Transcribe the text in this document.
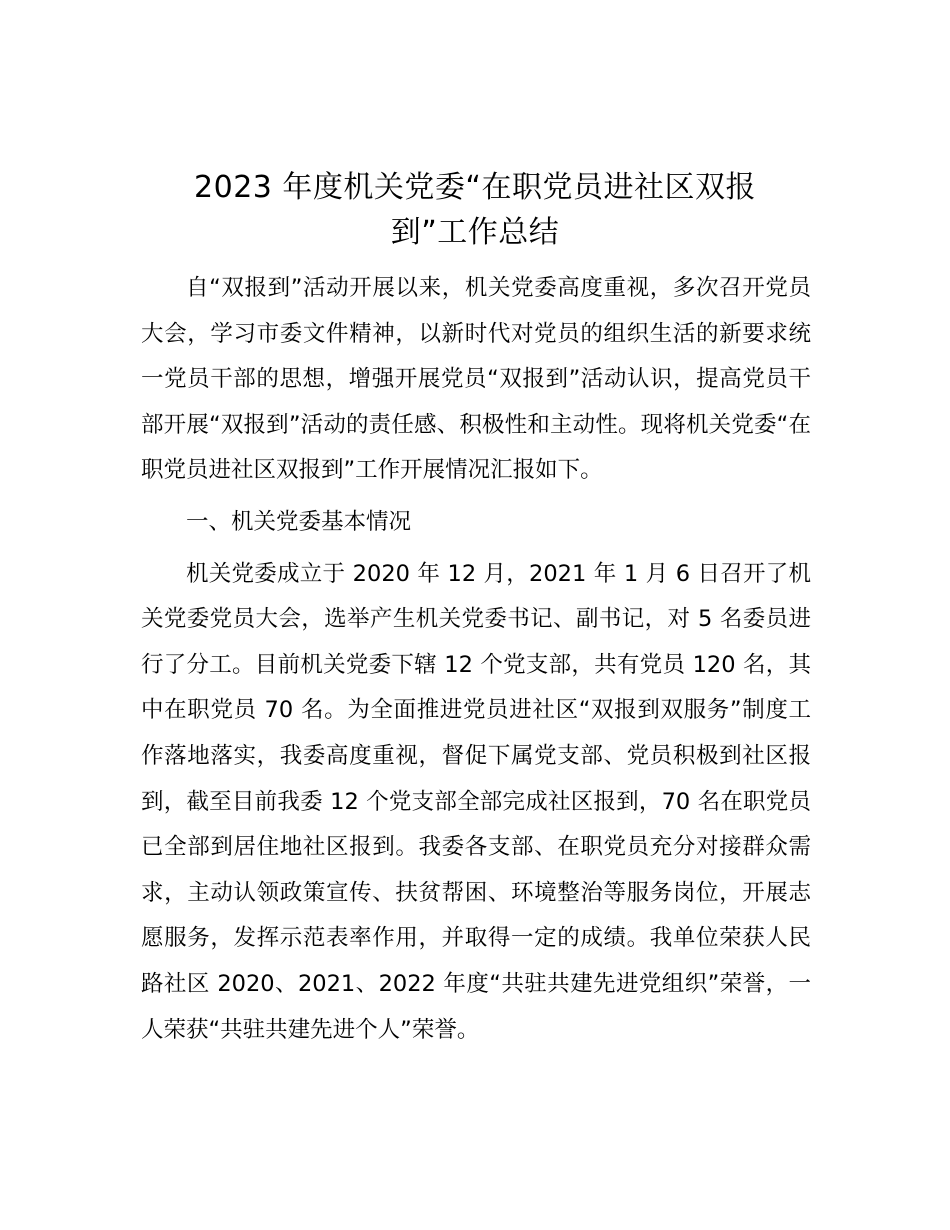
2023 年度机关党委“在职党员进社区双报
到”工作总结

自“双报到”活动开展以来，机关党委高度重视，多次召开党员大会，学习市委文件精神，以新时代对党员的组织生活的新要求统一党员干部的思想，增强开展党员“双报到”活动认识，提高党员干部开展“双报到”活动的责任感、积极性和主动性。现将机关党委“在职党员进社区双报到”工作开展情况汇报如下。

一、机关党委基本情况

机关党委成立于 2020 年 12 月，2021 年 1 月 6 日召开了机关党委党员大会，选举产生机关党委书记、副书记，对 5 名委员进行了分工。目前机关党委下辖 12 个党支部，共有党员 120 名，其中在职党员 70 名。为全面推进党员进社区“双报到双服务”制度工作落地落实，我委高度重视，督促下属党支部、党员积极到社区报到，截至目前我委 12 个党支部全部完成社区报到，70 名在职党员已全部到居住地社区报到。我委各支部、在职党员充分对接群众需求，主动认领政策宣传、扶贫帮困、环境整治等服务岗位，开展志愿服务，发挥示范表率作用，并取得一定的成绩。我单位荣获人民路社区 2020、2021、2022 年度“共驻共建先进党组织”荣誉，一人荣获“共驻共建先进个人”荣誉。
